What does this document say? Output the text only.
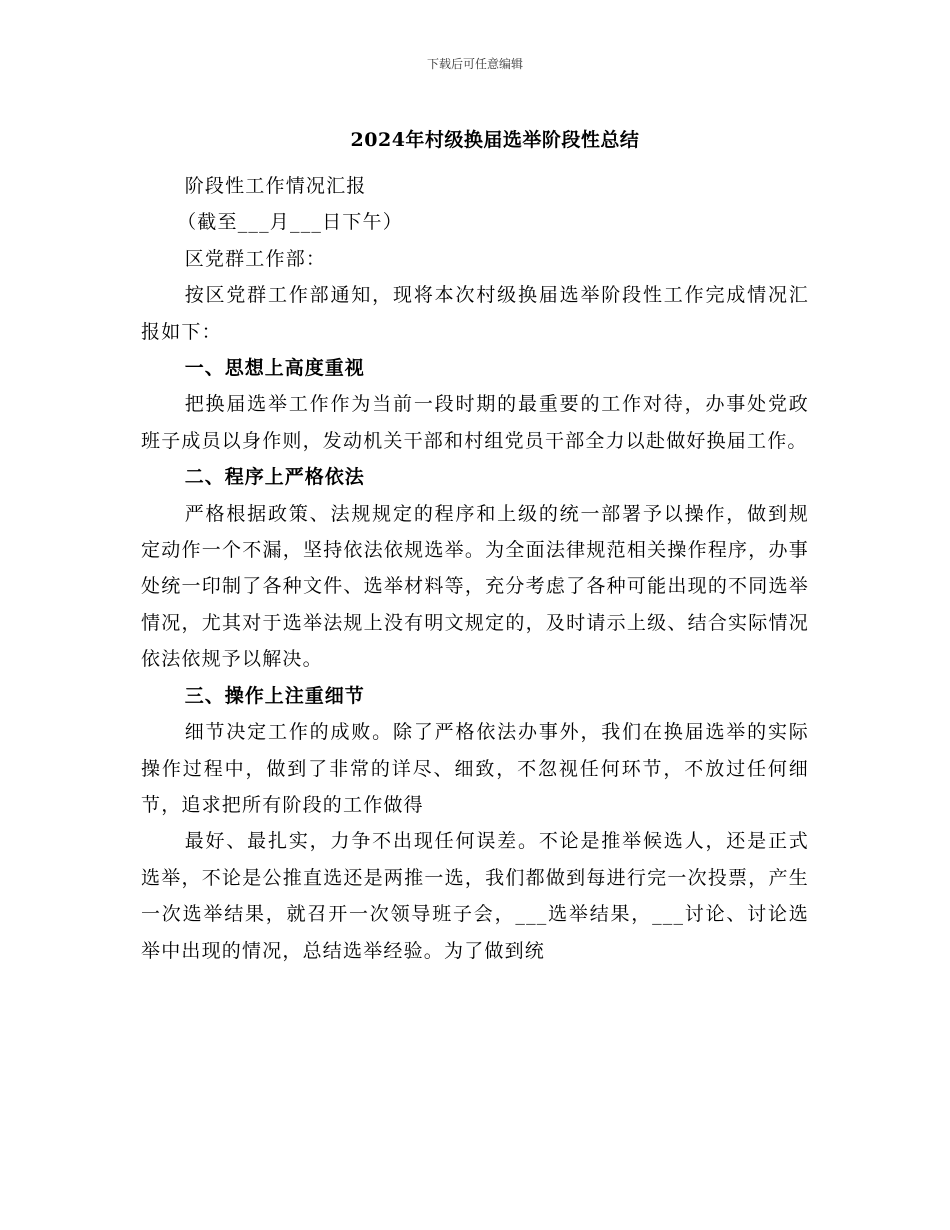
下载后可任意编辑
2024年村级换届选举阶段性总结

阶段性工作情况汇报

（截至___月___日下午）

区党群工作部：

按区党群工作部通知，现将本次村级换届选举阶段性工作完成情况汇报如下：

一、思想上高度重视

把换届选举工作作为当前一段时期的最重要的工作对待，办事处党政班子成员以身作则，发动机关干部和村组党员干部全力以赴做好换届工作。

二、程序上严格依法

严格根据政策、法规规定的程序和上级的统一部署予以操作，做到规定动作一个不漏，坚持依法依规选举。为全面法律规范相关操作程序，办事处统一印制了各种文件、选举材料等，充分考虑了各种可能出现的不同选举情况，尤其对于选举法规上没有明文规定的，及时请示上级、结合实际情况依法依规予以解决。

三、操作上注重细节

细节决定工作的成败。除了严格依法办事外，我们在换届选举的实际操作过程中，做到了非常的详尽、细致，不忽视任何环节，不放过任何细节，追求把所有阶段的工作做得

最好、最扎实，力争不出现任何误差。不论是推举候选人，还是正式选举，不论是公推直选还是两推一选，我们都做到每进行完一次投票，产生一次选举结果，就召开一次领导班子会，___选举结果，___讨论、讨论选举中出现的情况，总结选举经验。为了做到统
